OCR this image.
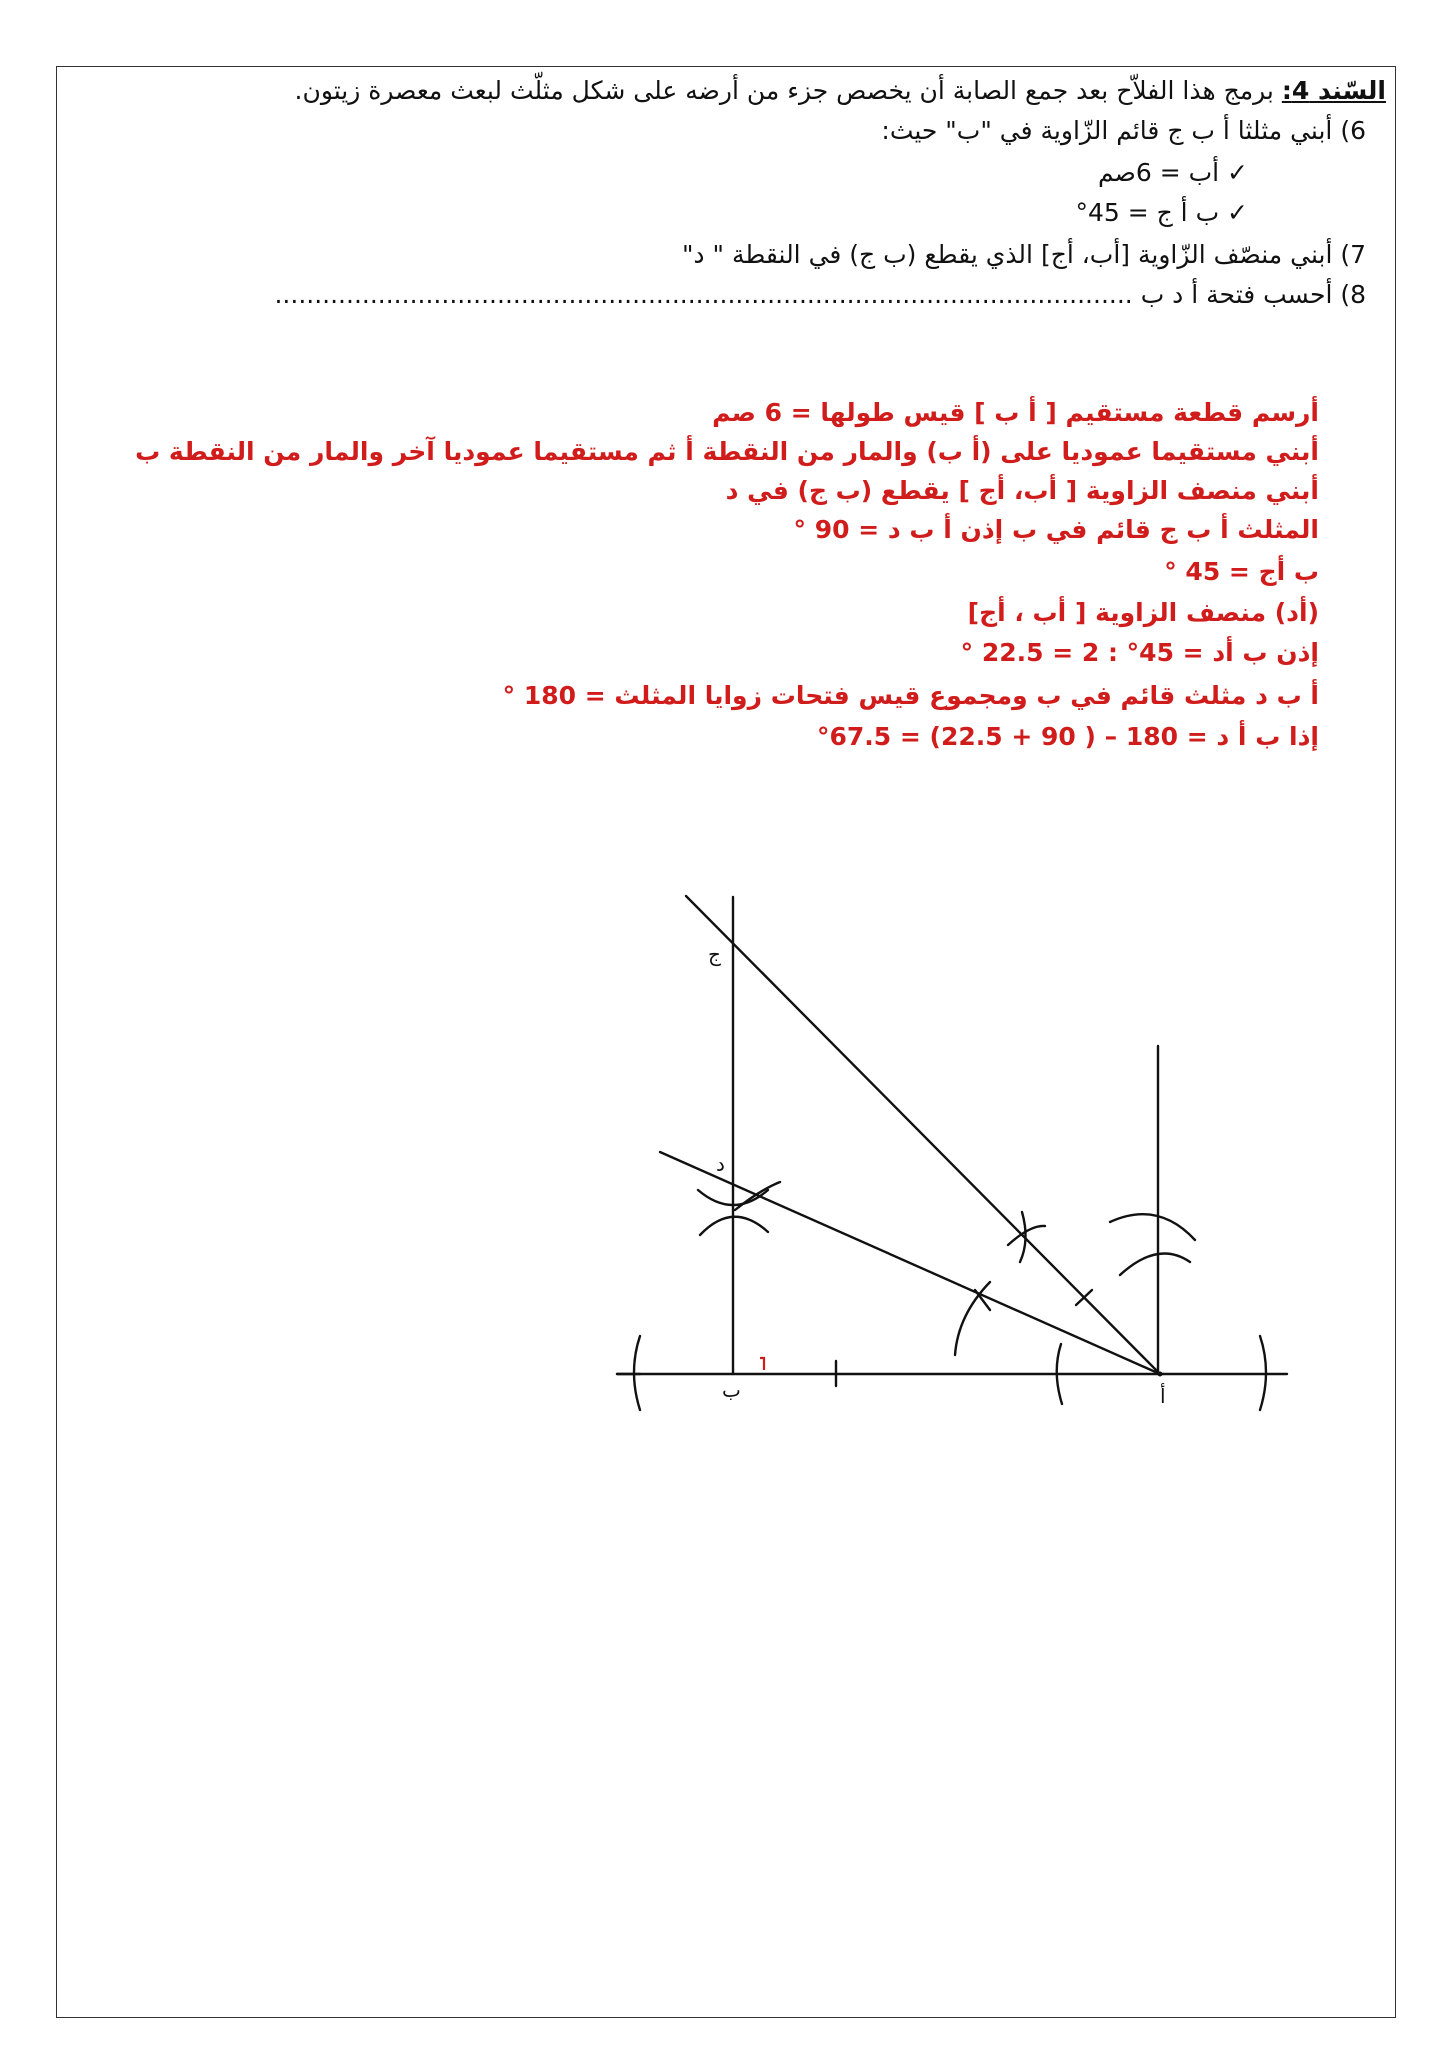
السّند 4: برمج هذا الفلاّح بعد جمع الصابة أن يخصص جزء من أرضه على شكل مثلّث لبعث معصرة زيتون.
6) أبني مثلثا أ ب ج قائم الزّاوية في "ب" حيث:
✓ أب = 6صم
✓ ب أ ج = 45°
7) أبني منصّف الزّاوية [أب، أج] الذي يقطع (ب ج) في النقطة " د"
8) أحسب فتحة أ د ب ............................................................................................................
أرسم قطعة مستقيم [ أ ب ] قيس طولها = 6 صم
أبني مستقيما عموديا على (أ ب) والمار من النقطة أ ثم مستقيما عموديا آخر والمار من النقطة ب
أبني منصف الزاوية [ أب، أج ] يقطع (ب ج) في د
المثلث أ ب ج قائم في ب إذن أ ب د = 90 °
ب أج = 45 °
(أد) منصف الزاوية [ أب ، أج]
إذن ب أد = 45° : 2 = 22.5 °
أ ب د مثلث قائم في ب ومجموع قيس فتحات زوايا المثلث = 180 °
إذا ب أ د = 180 – ( 90 + 22.5) = 67.5°
ج
د
ب	أ
